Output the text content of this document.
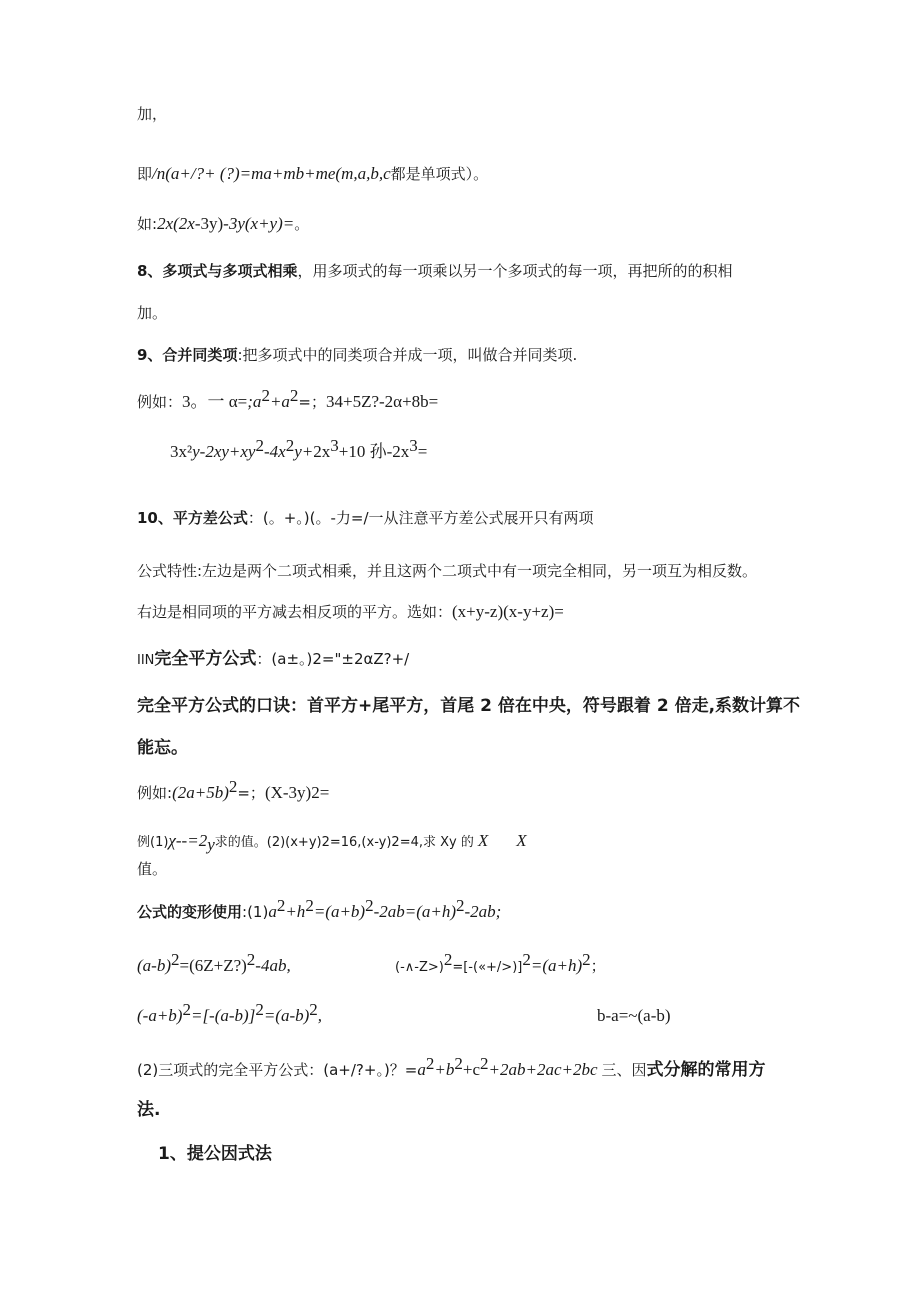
加，
即/n(a+/?+ (?)=ma+mb+me(m,a,b,c都是单项式）。
如:2x(2x-3y)-3y(x+y)=。
8、多项式与多项式相乘，用多项式的每一项乘以另一个多项式的每一项，再把所的的积相
加。
9、合并同类项:把多项式中的同类项合并成一项，叫做合并同类项.
例如：3。一 $\alpha=;a^2+a^2=$；34+5Z?-2α+8b=
$3x^2y-2xy+xy^2-4x^2y+2x^3+10$ 孙$-2x^3=$
10、平方差公式：(。+。)(。-力=/一从注意平方差公式展开只有两项
公式特性:左边是两个二项式相乘，并且这两个二项式中有一项完全相同，另一项互为相反数。
右边是相同项的平方减去相反项的平方。选如：(x+y-z)(x-y+z)=
IIN完全平方公式：(a±。)2="±2αZ?+/
完全平方公式的口诀：首平方+尾平方，首尾 2 倍在中央，符号跟着 2 倍走,系数计算不
能忘。
例如$:(2a+5b)^2=$；(X-3y)2=
例$(1)\chi--=2_y$求的值。(2)(x+y)2=16,(x-y)2=4,求 Xy 的 X X
值。
公式的变形使用$:(1)a^2+h^2=(a+b)^2-2ab=(a+h)^2-2ab$;
$(a-b)^2=(6Z+Z?)^2-4ab$,	$(-\wedge-Z>)^2=[-(«+/>)]^2=(a+h)^2$；
$(-a+b)^2=[-(a-b)]^2=(a-b)^2$,	b-a=~(a-b)
(2)三项式的完全平方公式：(a+/?+。)？$=a^2+b^2+c^2+2ab+2ac+2bc$ 三、因式分解的常用方
法.
1、提公因式法
